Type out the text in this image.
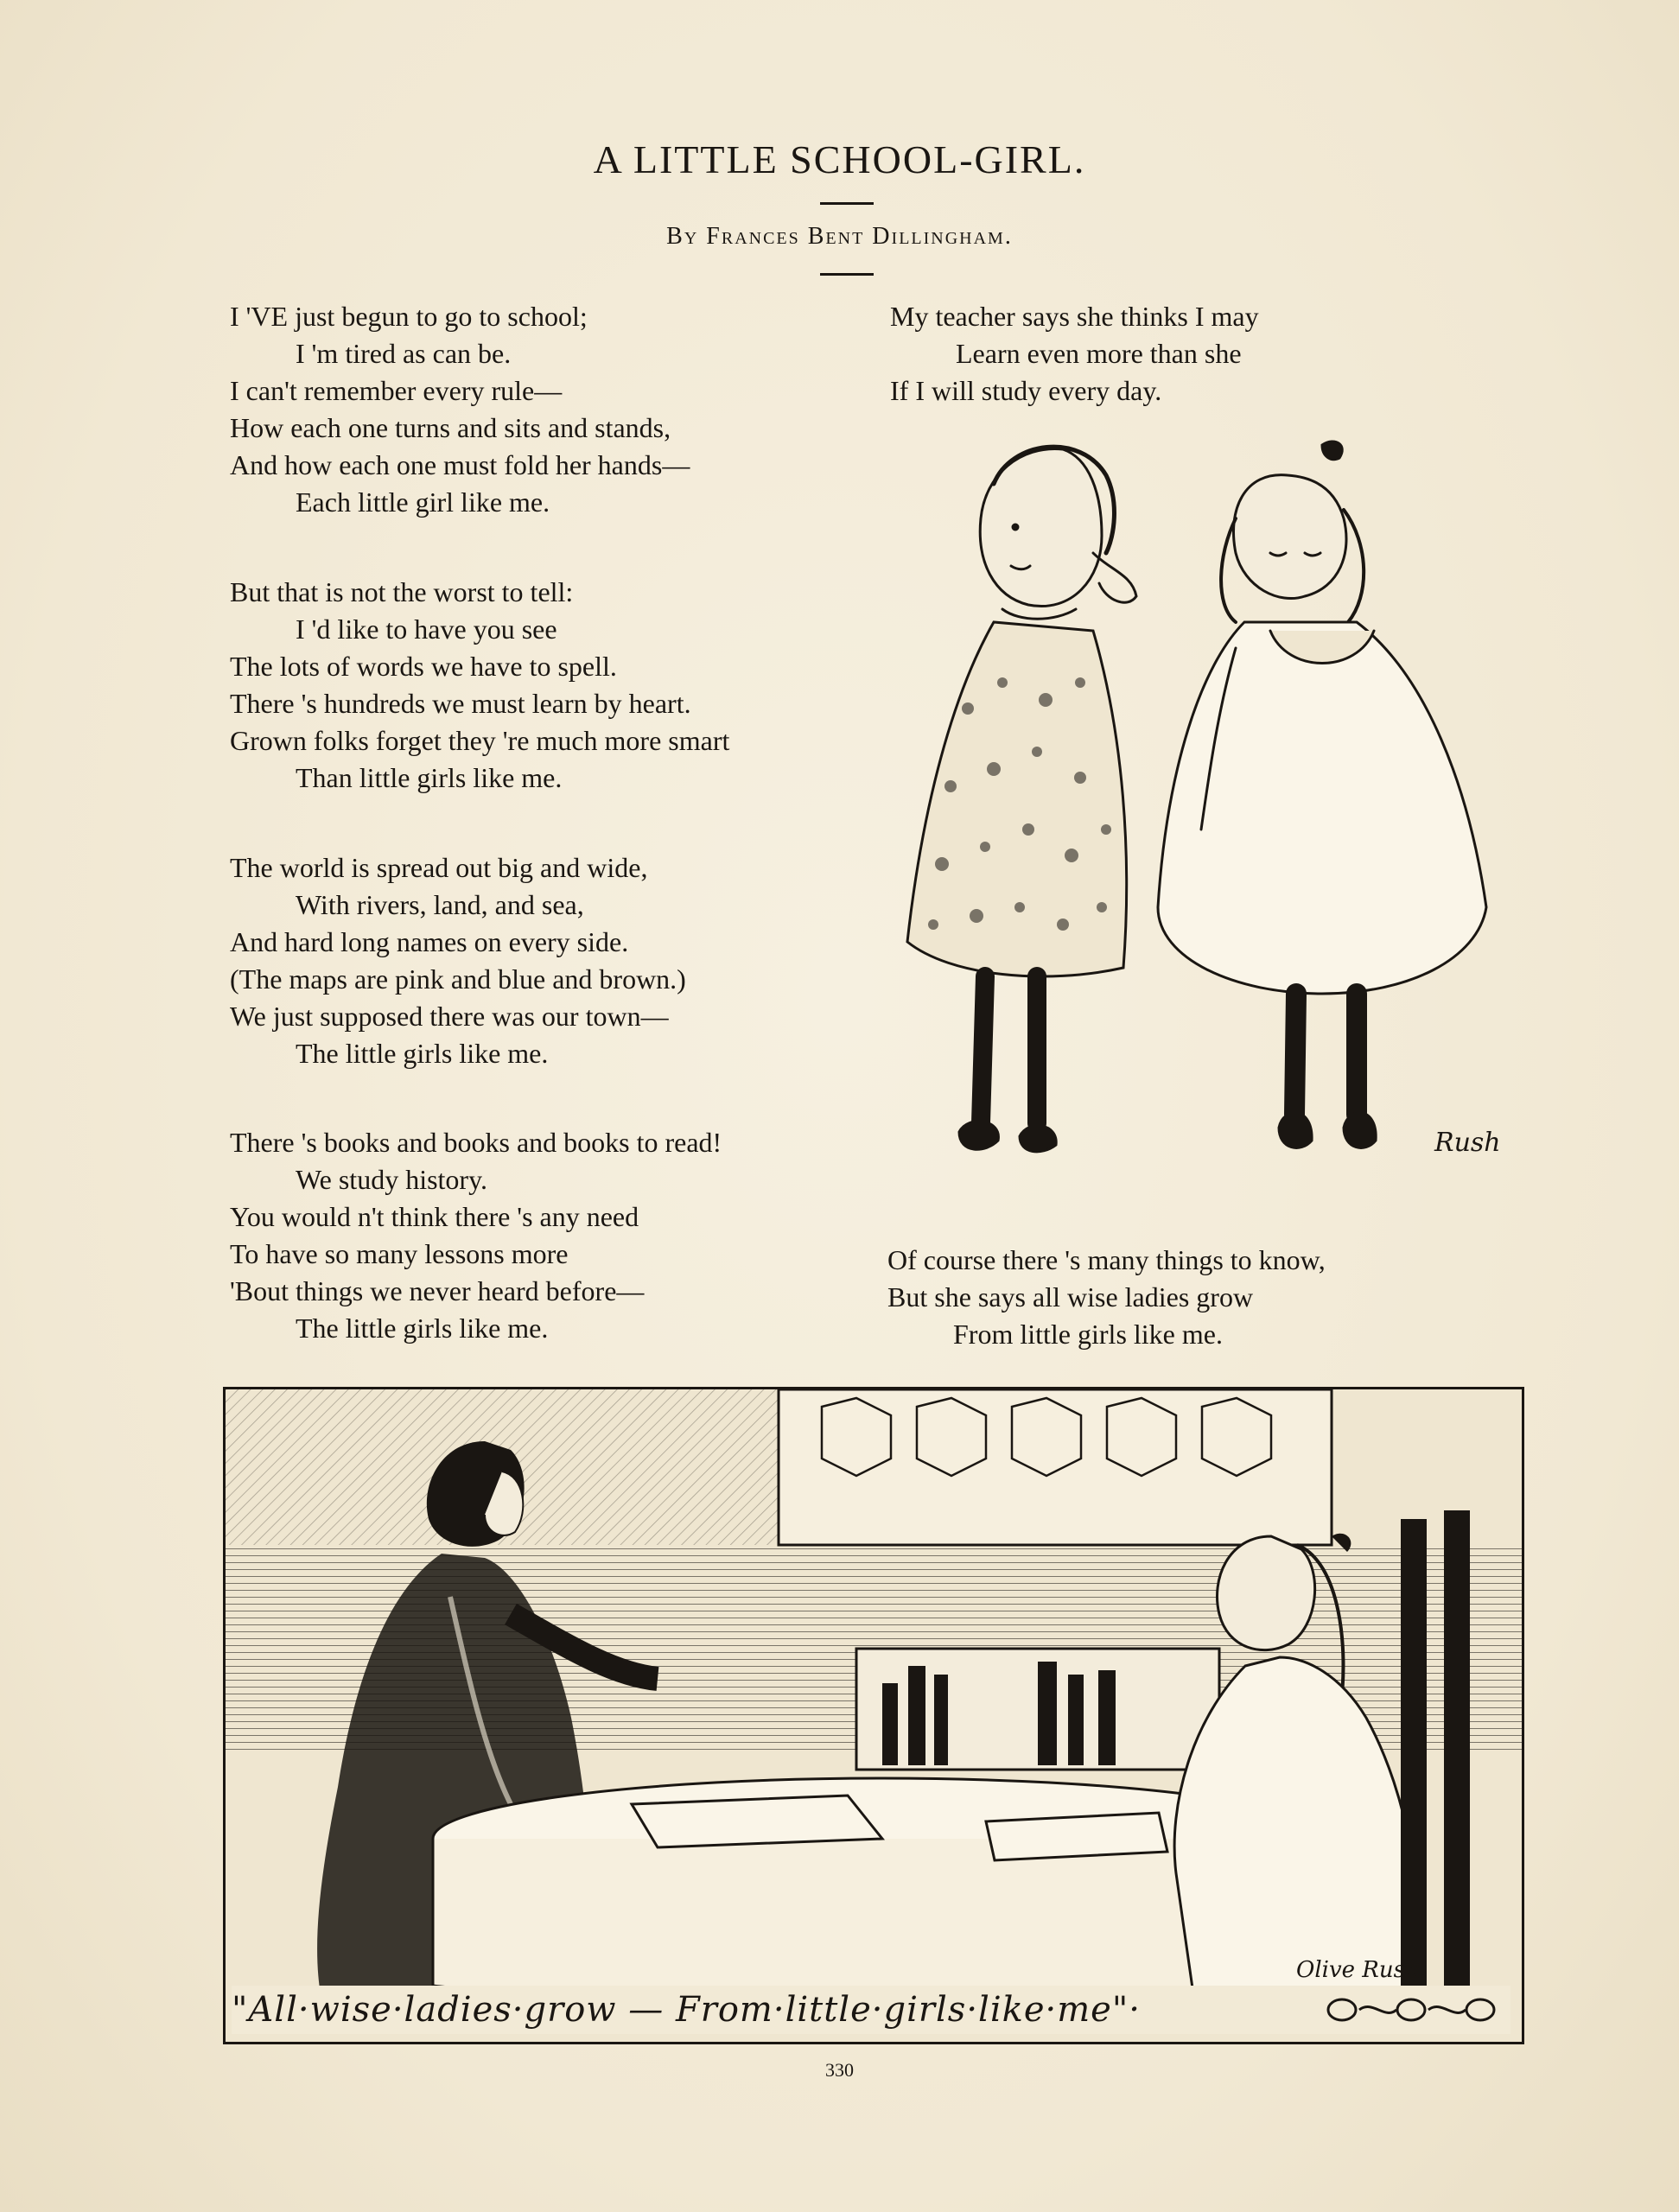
A LITTLE SCHOOL-GIRL.
By Frances Bent Dillingham.
I 'VE just begun to go to school;
I 'm tired as can be.
I can't remember every rule—
How each one turns and sits and stands,
And how each one must fold her hands—
Each little girl like me.
But that is not the worst to tell:
I 'd like to have you see
The lots of words we have to spell.
There 's hundreds we must learn by heart.
Grown folks forget they 're much more smart
Than little girls like me.
The world is spread out big and wide,
With rivers, land, and sea,
And hard long names on every side.
(The maps are pink and blue and brown.)
We just supposed there was our town—
The little girls like me.
There 's books and books and books to read!
We study history.
You would n't think there 's any need
To have so many lessons more
'Bout things we never heard before—
The little girls like me.
My teacher says she thinks I may
Learn even more than she
If I will study every day.
Rush
Of course there 's many things to know,
But she says all wise ladies grow
From little girls like me.
Olive Rush
"All·wise·ladies·grow — From·little·girls·like·me"·
330
